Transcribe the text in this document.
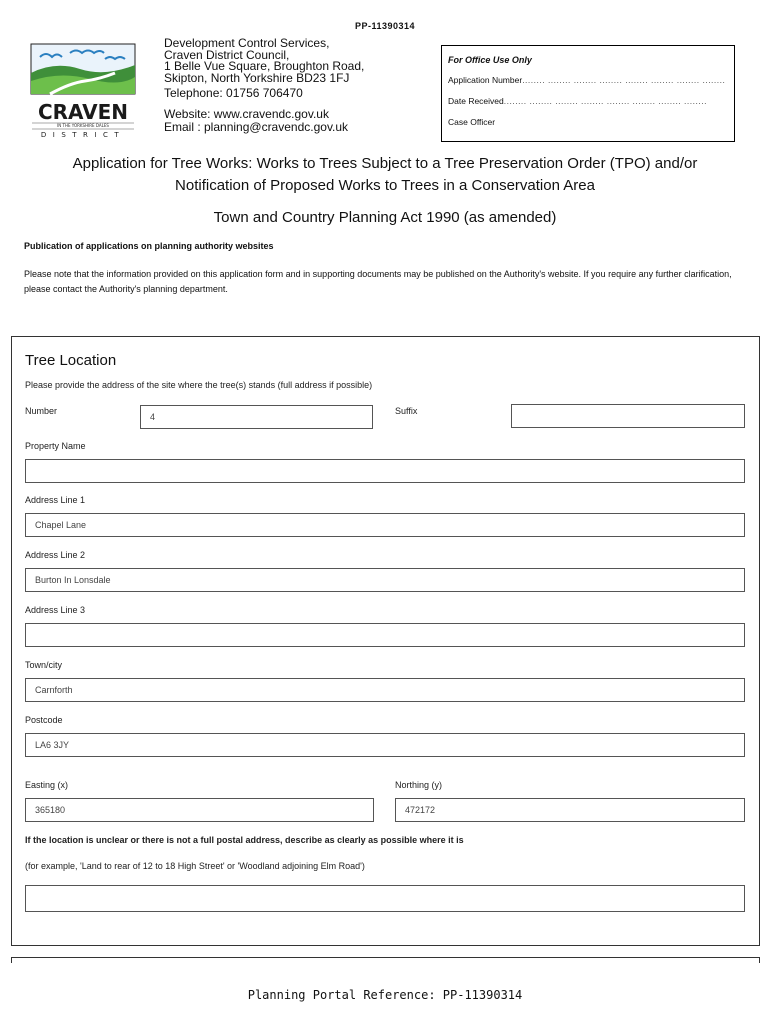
PP-11390314
CRAVEN
IN THE YORKSHIRE DALES
DISTRICT
Development Control Services,
Craven District Council,
1 Belle Vue Square, Broughton Road,
Skipton, North Yorkshire BD23 1FJ
Telephone: 01756 706470
Website: www.cravendc.gov.uk
Email : planning@cravendc.gov.uk
For Office Use Only
Application Number........ ........ ........ ........ ........ ........ ........ ........
Date Received........ ........ ........ ........ ........ ........ ........ ........
Case Officer
Application for Tree Works: Works to Trees Subject to a Tree Preservation Order (TPO) and/or
Notification of Proposed Works to Trees in a Conservation Area
Town and Country Planning Act 1990 (as amended)
Publication of applications on planning authority websites
Please note that the information provided on this application form and in supporting documents may be published on the Authority's website. If you require any further clarification, please contact the Authority's planning department.
Tree Location
Please provide the address of the site where the tree(s) stands (full address if possible)
Number
4
Suffix
Property Name
Address Line 1
Chapel Lane
Address Line 2
Burton In Lonsdale
Address Line 3
Town/city
Carnforth
Postcode
LA6 3JY
Easting (x)
365180
Northing (y)
472172
If the location is unclear or there is not a full postal address, describe as clearly as possible where it is
(for example, 'Land to rear of 12 to 18 High Street' or 'Woodland adjoining Elm Road')
Planning Portal Reference: PP-11390314
